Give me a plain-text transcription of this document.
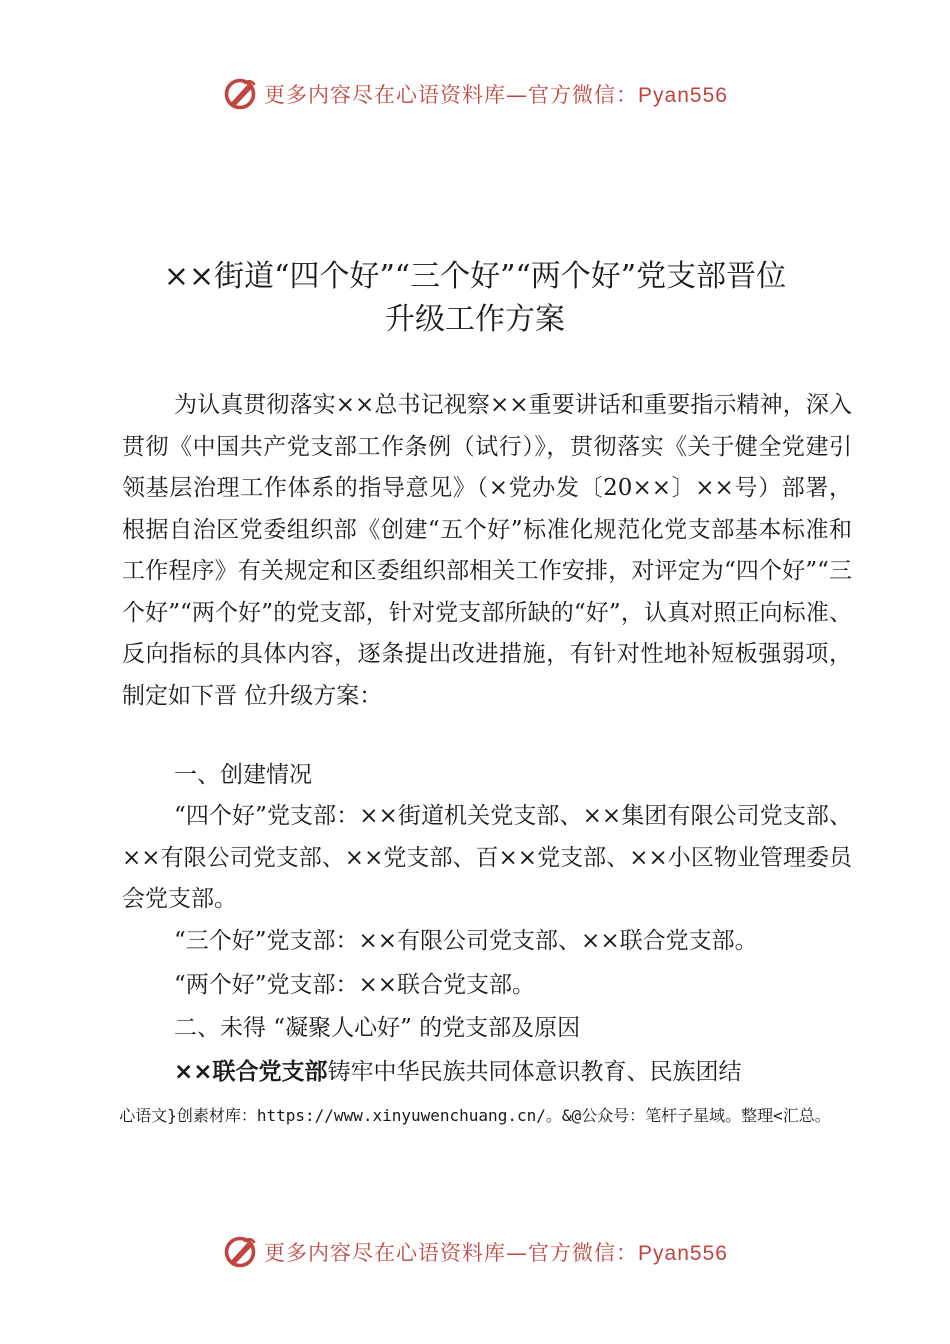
更多内容尽在心语资料库—官方微信：Pyan556
××街道“四个好”“三个好”“两个好”党支部晋位
升级工作方案

为认真贯彻落实××总书记视察××重要讲话和重要指示精神，深入贯彻《中国共产党支部工作条例（试行）》，贯彻落实《关于健全党建引领基层治理工作体系的指导意见》（×党办发〔20××〕××号）部署，根据自治区党委组织部《创建“五个好”标准化规范化党支部基本标准和工作程序》有关规定和区委组织部相关工作安排，对评定为“四个好”“三个好”“两个好”的党支部，针对党支部所缺的“好”，认真对照正向标准、反向指标的具体内容，逐条提出改进措施，有针对性地补短板强弱项，制定如下晋 位升级方案：

一、创建情况

“四个好”党支部：××街道机关党支部、××集团有限公司党支部、××有限公司党支部、××党支部、百××党支部、××小区物业管理委员会党支部。

“三个好”党支部：××有限公司党支部、××联合党支部。

“两个好”党支部：××联合党支部。

二、未得 “凝聚人心好” 的党支部及原因

××联合党支部铸牢中华民族共同体意识教育、民族团结

心语文}创素材库：https://www.xinyuwenchuang.cn/。&@公众号：笔杆子星域。整理<汇总。
更多内容尽在心语资料库—官方微信：Pyan556
